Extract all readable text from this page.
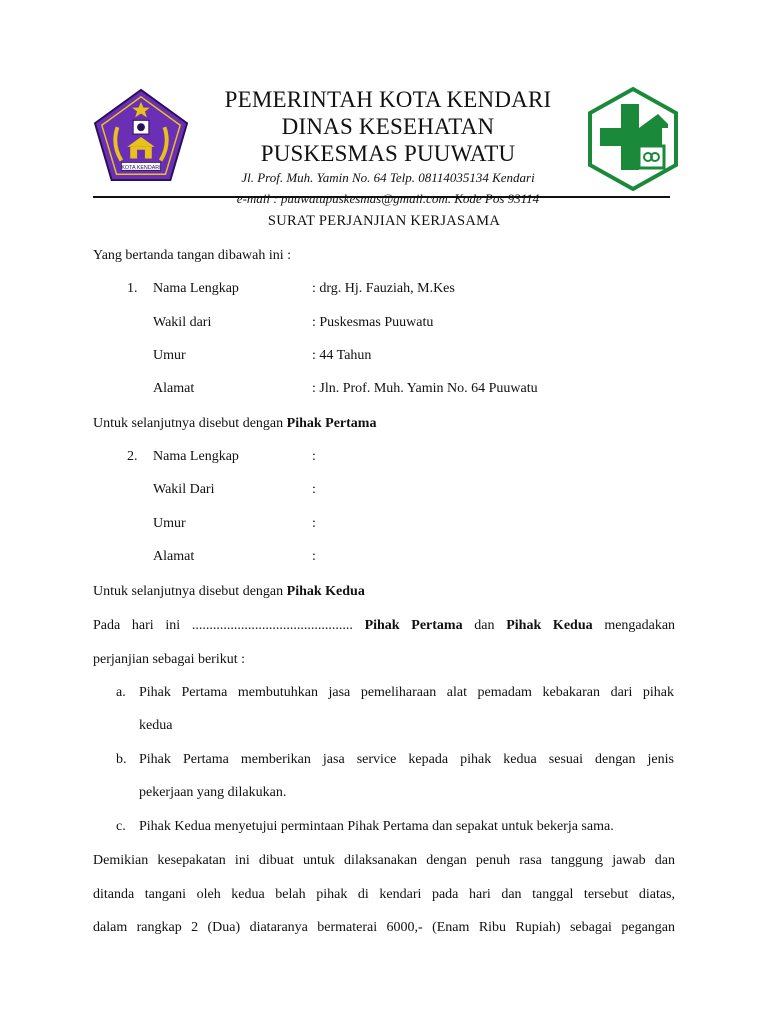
KOTA KENDARI
PEMERINTAH KOTA KENDARI
DINAS KESEHATAN
PUSKESMAS PUUWATU
Jl. Prof. Muh. Yamin No. 64 Telp. 08114035134 Kendari
e-mail : puuwatupuskesmas@gmail.com. Kode Pos 93114
SURAT PERJANJIAN KERJASAMA
Yang bertanda tangan dibawah ini :
1. Nama Lengkap	: drg. Hj. Fauziah, M.Kes
Wakil dari	: Puskesmas Puuwatu
Umur	: 44 Tahun
Alamat	: Jln. Prof. Muh. Yamin No. 64 Puuwatu
Untuk selanjutnya disebut dengan Pihak Pertama
2. Nama Lengkap	:
Wakil Dari	:
Umur	:
Alamat	:
Untuk selanjutnya disebut dengan Pihak Kedua
Pada hari ini .............................................. Pihak Pertama dan Pihak Kedua mengadakan
perjanjian sebagai berikut :
a. Pihak Pertama membutuhkan jasa pemeliharaan alat pemadam kebakaran dari pihak
kedua
b. Pihak Pertama memberikan jasa service kepada pihak kedua sesuai dengan jenis
pekerjaan yang dilakukan.
c. Pihak Kedua menyetujui permintaan Pihak Pertama dan sepakat untuk bekerja sama.
Demikian kesepakatan ini dibuat untuk dilaksanakan dengan penuh rasa tanggung jawab dan
ditanda tangani oleh kedua belah pihak di kendari pada hari dan tanggal tersebut diatas,
dalam rangkap 2 (Dua) diataranya bermaterai 6000,- (Enam Ribu Rupiah) sebagai pegangan
